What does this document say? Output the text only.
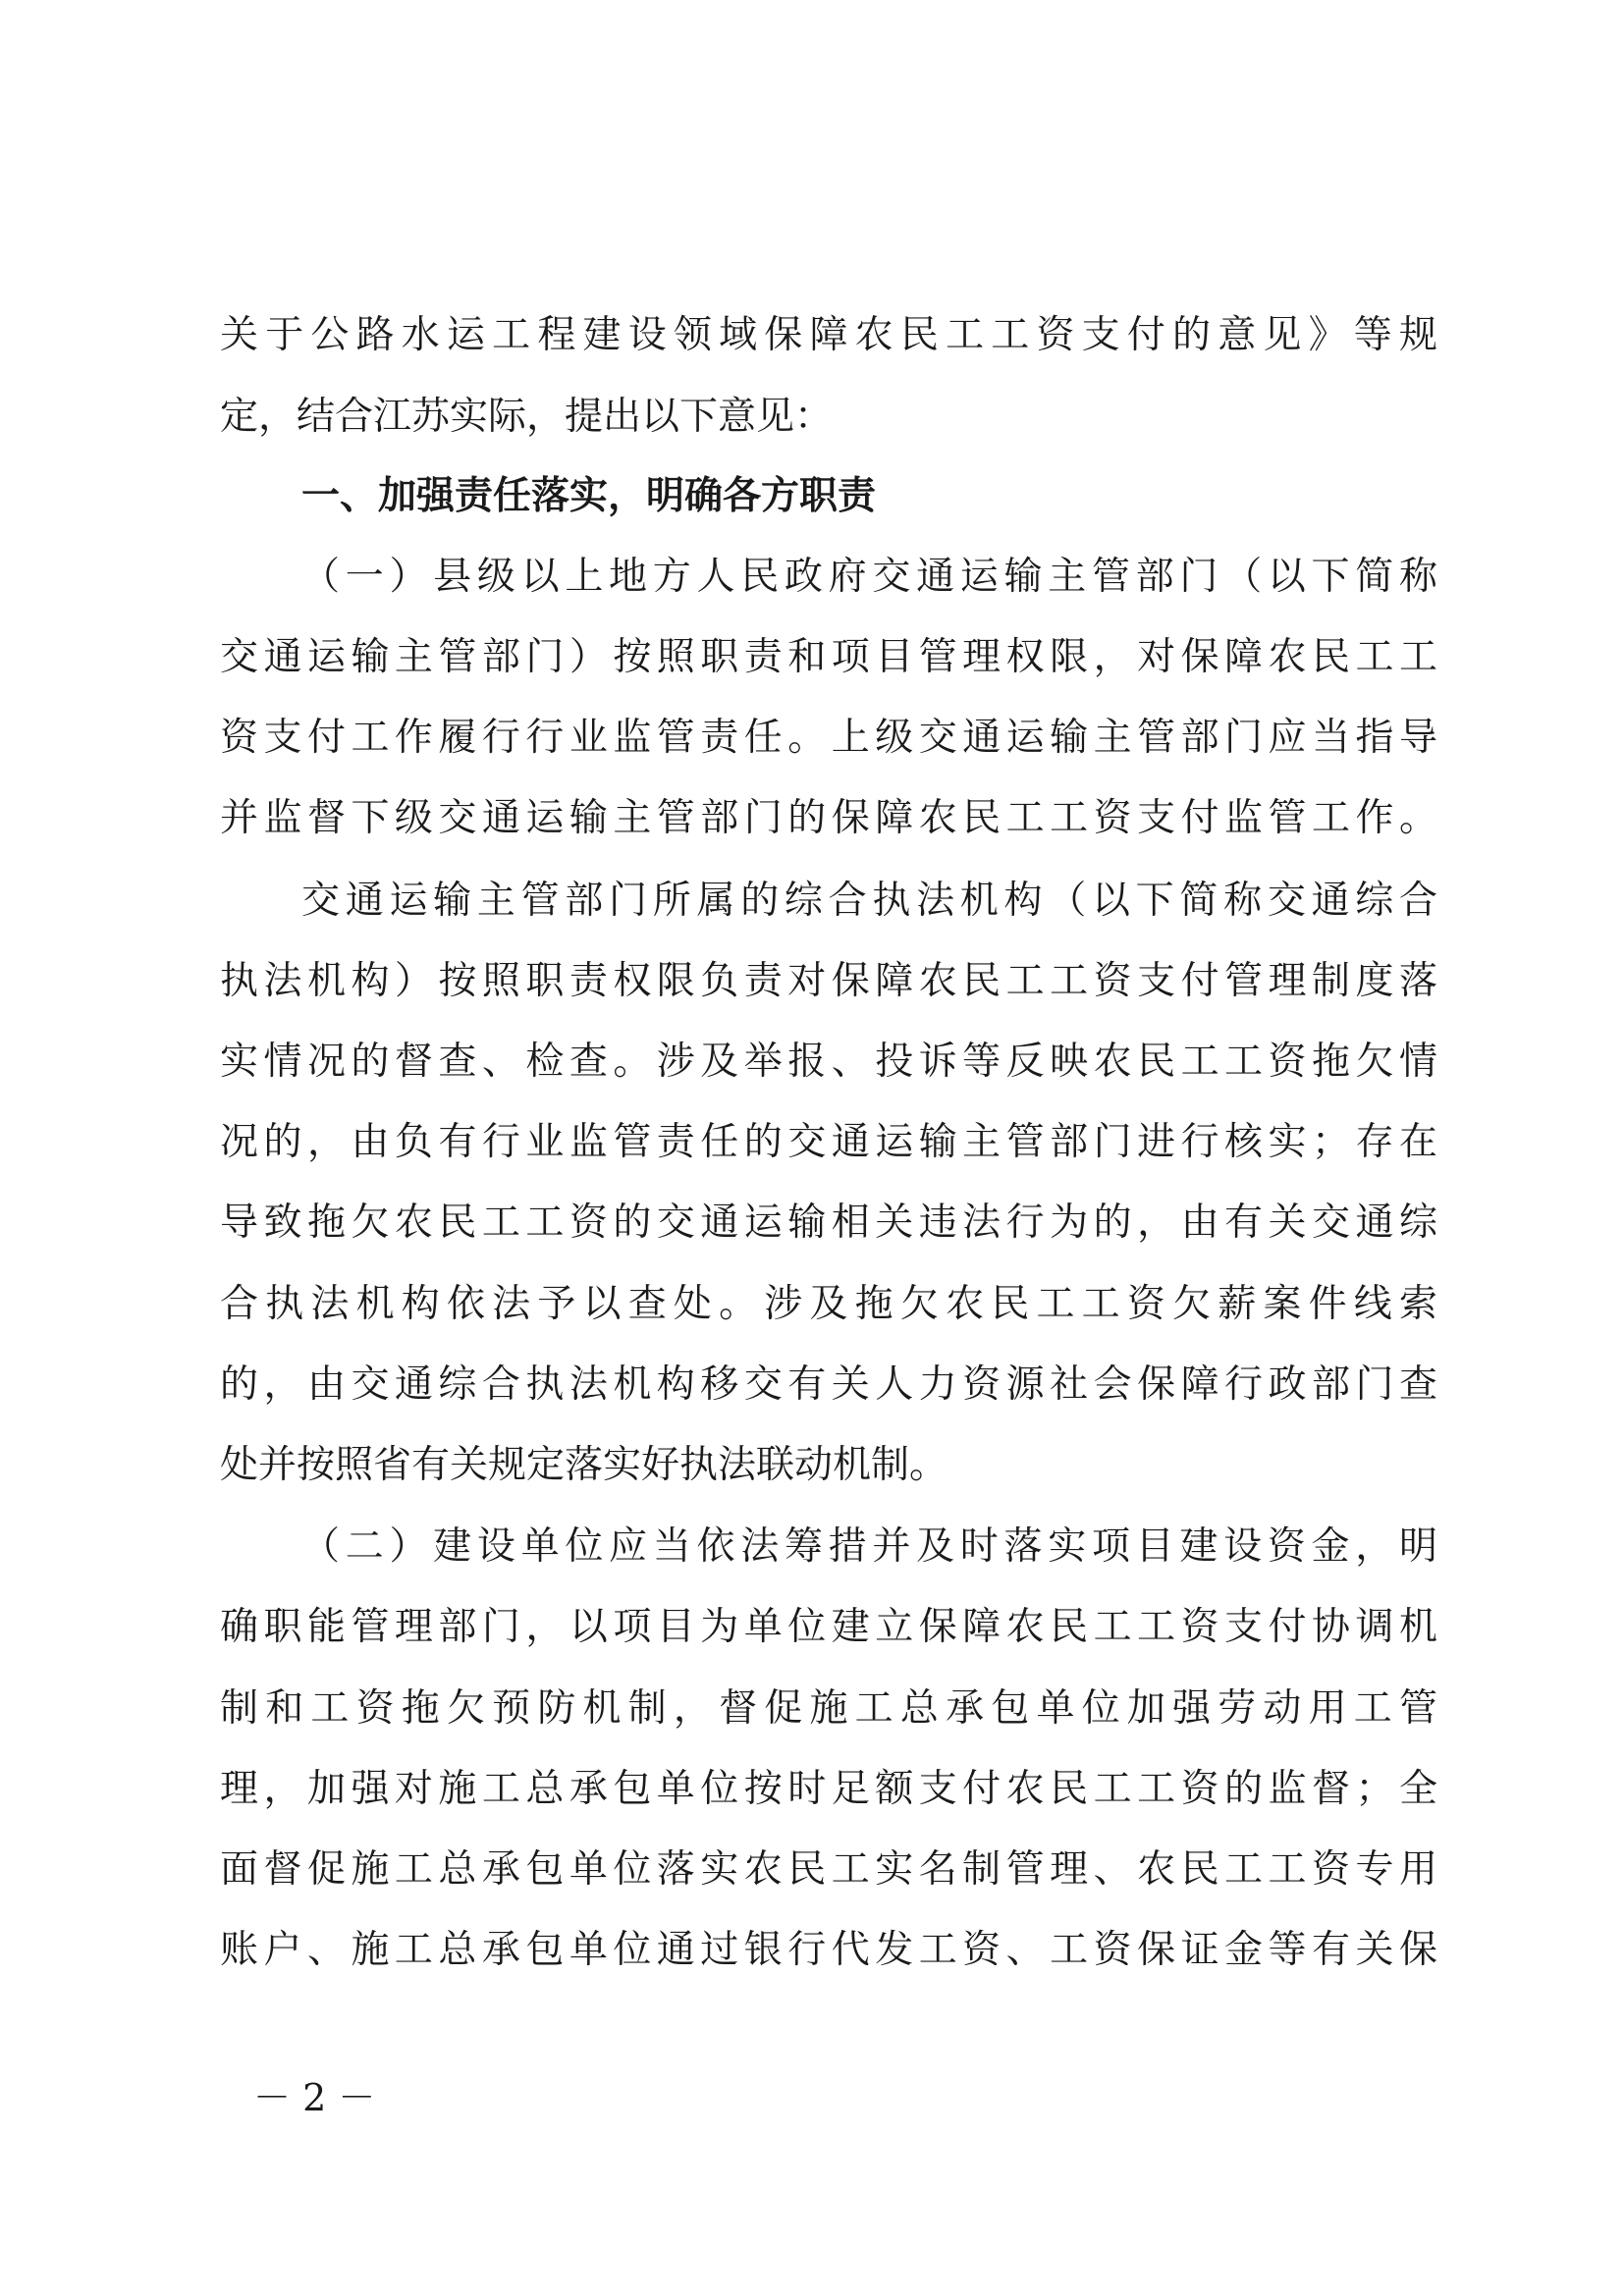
关于公路水运工程建设领域保障农民工工资支付的意见》等规
定，结合江苏实际，提出以下意见：
一、加强责任落实，明确各方职责
（一）县级以上地方人民政府交通运输主管部门（以下简称
交通运输主管部门）按照职责和项目管理权限，对保障农民工工
资支付工作履行行业监管责任。上级交通运输主管部门应当指导
并监督下级交通运输主管部门的保障农民工工资支付监管工作。
交通运输主管部门所属的综合执法机构（以下简称交通综合
执法机构）按照职责权限负责对保障农民工工资支付管理制度落
实情况的督查、检查。涉及举报、投诉等反映农民工工资拖欠情
况的，由负有行业监管责任的交通运输主管部门进行核实；存在
导致拖欠农民工工资的交通运输相关违法行为的，由有关交通综
合执法机构依法予以查处。涉及拖欠农民工工资欠薪案件线索
的，由交通综合执法机构移交有关人力资源社会保障行政部门查
处并按照省有关规定落实好执法联动机制。
（二）建设单位应当依法筹措并及时落实项目建设资金，明
确职能管理部门，以项目为单位建立保障农民工工资支付协调机
制和工资拖欠预防机制，督促施工总承包单位加强劳动用工管
理，加强对施工总承包单位按时足额支付农民工工资的监督；全
面督促施工总承包单位落实农民工实名制管理、农民工工资专用
账户、施工总承包单位通过银行代发工资、工资保证金等有关保
－ 2 －
